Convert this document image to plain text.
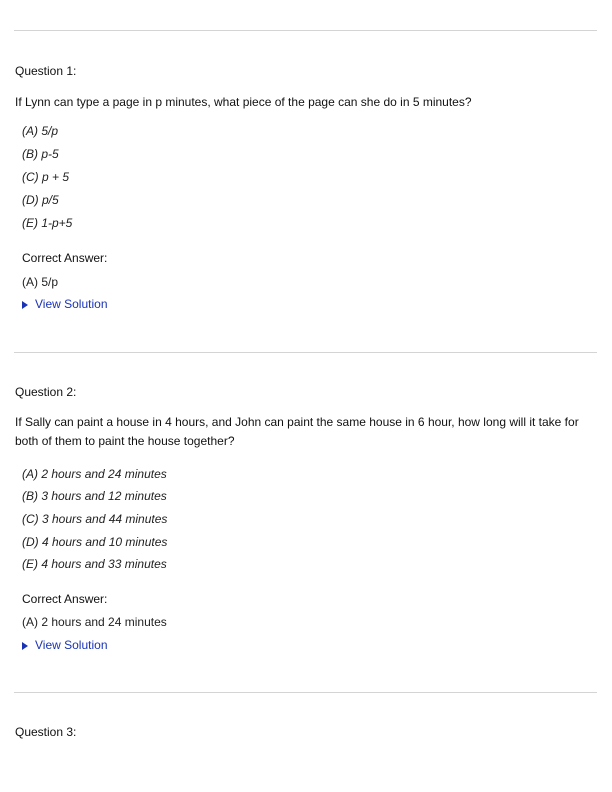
Question 1:
If Lynn can type a page in p minutes, what piece of the page can she do in 5 minutes?
(A) 5/p
(B) p-5
(C) p + 5
(D) p/5
(E) 1-p+5
Correct Answer:
(A) 5/p
View Solution
Question 2:
If Sally can paint a house in 4 hours, and John can paint the same house in 6 hour, how long will it take for both of them to paint the house together?
(A) 2 hours and 24 minutes
(B) 3 hours and 12 minutes
(C) 3 hours and 44 minutes
(D) 4 hours and 10 minutes
(E) 4 hours and 33 minutes
Correct Answer:
(A) 2 hours and 24 minutes
View Solution
Question 3:
